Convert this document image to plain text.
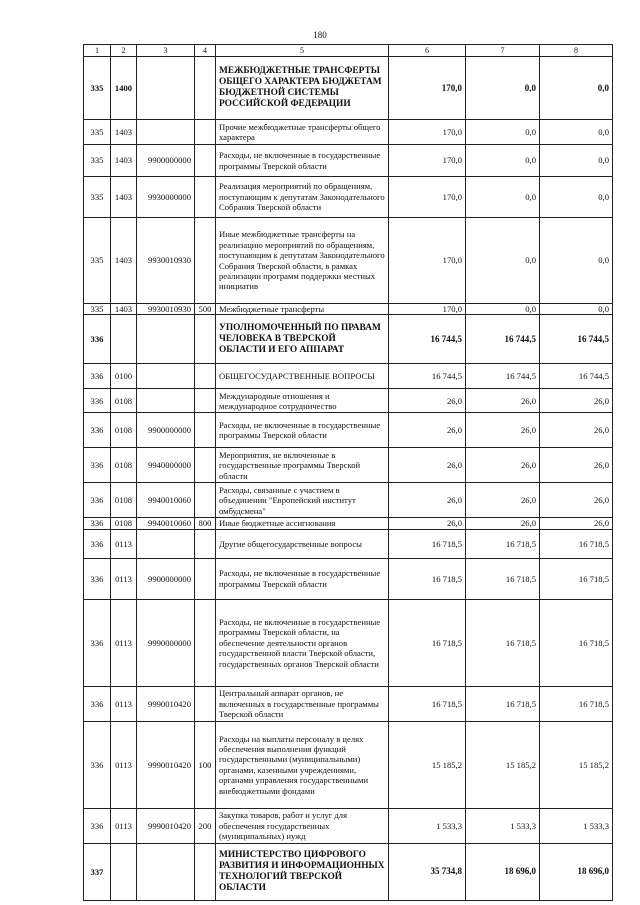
180
1	2	3	4	5	6	7	8
335	1400			МЕЖБЮДЖЕТНЫЕ ТРАНСФЕРТЫ ОБЩЕГО ХАРАКТЕРА БЮДЖЕТАМ БЮДЖЕТНОЙ СИСТЕМЫ РОССИЙСКОЙ ФЕДЕРАЦИИ	170,0	0,0	0,0
335	1403			Прочие межбюджетные трансферты общего характера	170,0	0,0	0,0
335	1403	9900000000		Расходы, не включенные в государственные программы Тверской области	170,0	0,0	0,0
335	1403	9930000000		Реализация мероприятий по обращениям, поступающим к депутатам Законодательного Собрания Тверской области	170,0	0,0	0,0
335	1403	9930010930		Иные межбюджетные трансферты на реализацию мероприятий по обращениям, поступающим к депутатам Законодательного Собрания Тверской области, в рамках реализации программ поддержки местных инициатив	170,0	0,0	0,0
335	1403	9930010930	500	Межбюджетные трансферты	170,0	0,0	0,0
336				УПОЛНОМОЧЕННЫЙ ПО ПРАВАМ ЧЕЛОВЕКА В ТВЕРСКОЙ ОБЛАСТИ И ЕГО АППАРАТ	16 744,5	16 744,5	16 744,5
336	0100			ОБЩЕГОСУДАРСТВЕННЫЕ ВОПРОСЫ	16 744,5	16 744,5	16 744,5
336	0108			Международные отношения и международное сотрудничество	26,0	26,0	26,0
336	0108	9900000000		Расходы, не включенные в государственные программы Тверской области	26,0	26,0	26,0
336	0108	9940000000		Мероприятия, не включенные в государственные программы Тверской области	26,0	26,0	26,0
336	0108	9940010060		Расходы, связанные с участием в объединении "Европейский институт омбудсмена"	26,0	26,0	26,0
336	0108	9940010060	800	Иные бюджетные ассигнования	26,0	26,0	26,0
336	0113			Другие общегосударственные вопросы	16 718,5	16 718,5	16 718,5
336	0113	9900000000		Расходы, не включенные в государственные программы Тверской области	16 718,5	16 718,5	16 718,5
336	0113	9990000000		Расходы, не включенные в государственные программы Тверской области, на обеспечение деятельности органов государственной власти Тверской области, государственных органов Тверской области	16 718,5	16 718,5	16 718,5
336	0113	9990010420		Центральный аппарат органов, не включенных в государственные программы Тверской области	16 718,5	16 718,5	16 718,5
336	0113	9990010420	100	Расходы на выплаты персоналу в целях обеспечения выполнения функций государственными (муниципальными) органами, казенными учреждениями, органами управления государственными внебюджетными фондами	15 185,2	15 185,2	15 185,2
336	0113	9990010420	200	Закупка товаров, работ и услуг для обеспечения государственных (муниципальных) нужд	1 533,3	1 533,3	1 533,3
337				МИНИСТЕРСТВО ЦИФРОВОГО РАЗВИТИЯ И ИНФОРМАЦИОННЫХ ТЕХНОЛОГИЙ ТВЕРСКОЙ ОБЛАСТИ	35 734,8	18 696,0	18 696,0
